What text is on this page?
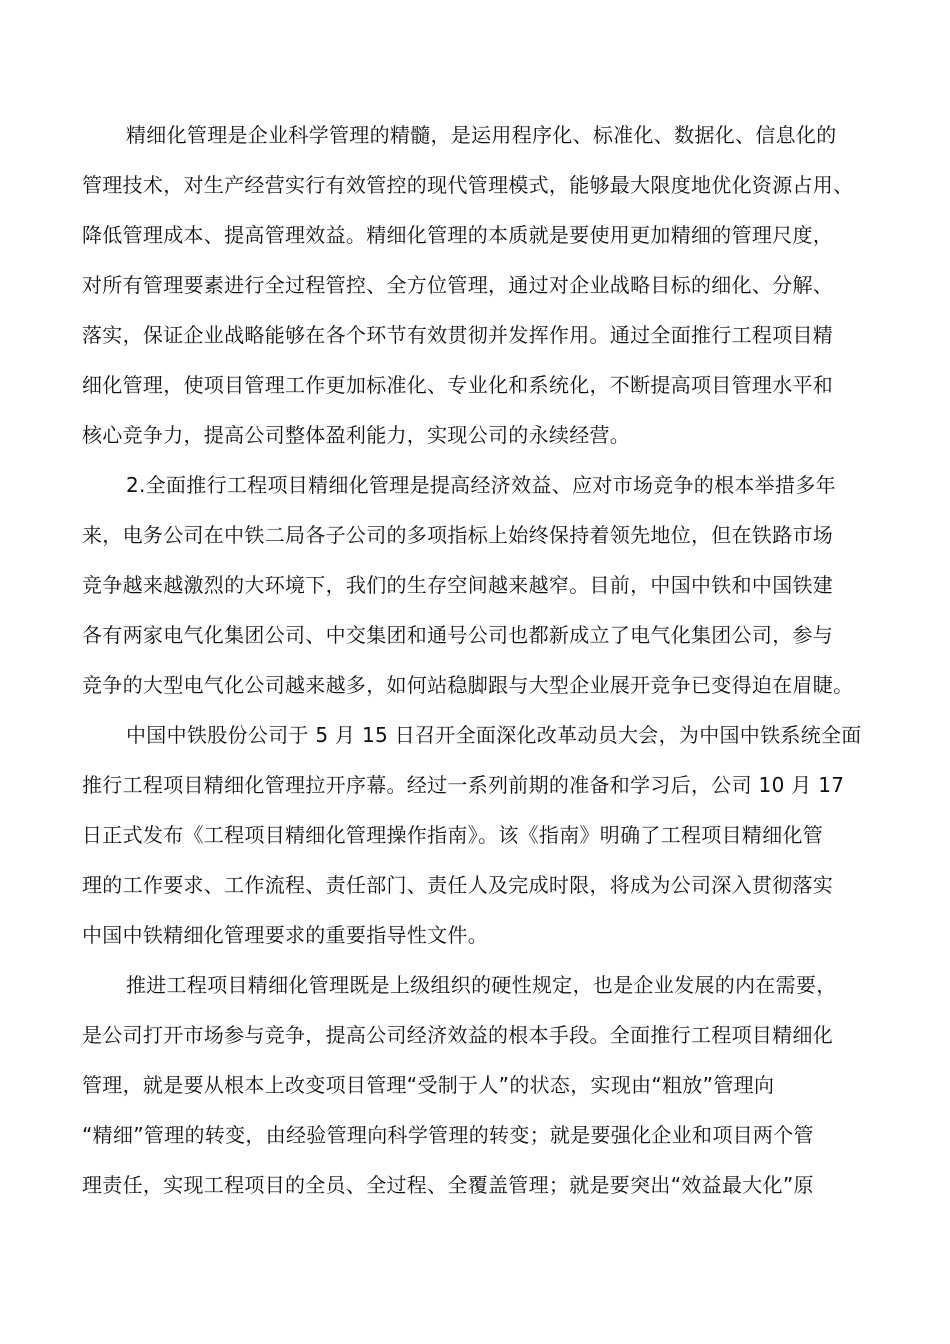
精细化管理是企业科学管理的精髓，是运用程序化、标准化、数据化、信息化的
管理技术，对生产经营实行有效管控的现代管理模式，能够最大限度地优化资源占用、
降低管理成本、提高管理效益。精细化管理的本质就是要使用更加精细的管理尺度，
对所有管理要素进行全过程管控、全方位管理，通过对企业战略目标的细化、分解、
落实，保证企业战略能够在各个环节有效贯彻并发挥作用。通过全面推行工程项目精
细化管理，使项目管理工作更加标准化、专业化和系统化，不断提高项目管理水平和
核心竞争力，提高公司整体盈利能力，实现公司的永续经营。
2.全面推行工程项目精细化管理是提高经济效益、应对市场竞争的根本举措多年
来，电务公司在中铁二局各子公司的多项指标上始终保持着领先地位，但在铁路市场
竞争越来越激烈的大环境下，我们的生存空间越来越窄。目前，中国中铁和中国铁建
各有两家电气化集团公司、中交集团和通号公司也都新成立了电气化集团公司，参与
竞争的大型电气化公司越来越多，如何站稳脚跟与大型企业展开竞争已变得迫在眉睫。
中国中铁股份公司于 5 月 15 日召开全面深化改革动员大会，为中国中铁系统全面
推行工程项目精细化管理拉开序幕。经过一系列前期的准备和学习后，公司 10 月 17
日正式发布《工程项目精细化管理操作指南》。该《指南》明确了工程项目精细化管
理的工作要求、工作流程、责任部门、责任人及完成时限，将成为公司深入贯彻落实
中国中铁精细化管理要求的重要指导性文件。
推进工程项目精细化管理既是上级组织的硬性规定，也是企业发展的内在需要，
是公司打开市场参与竞争，提高公司经济效益的根本手段。全面推行工程项目精细化
管理，就是要从根本上改变项目管理“受制于人”的状态，实现由“粗放”管理向
“精细”管理的转变，由经验管理向科学管理的转变；就是要强化企业和项目两个管
理责任，实现工程项目的全员、全过程、全覆盖管理；就是要突出“效益最大化”原
